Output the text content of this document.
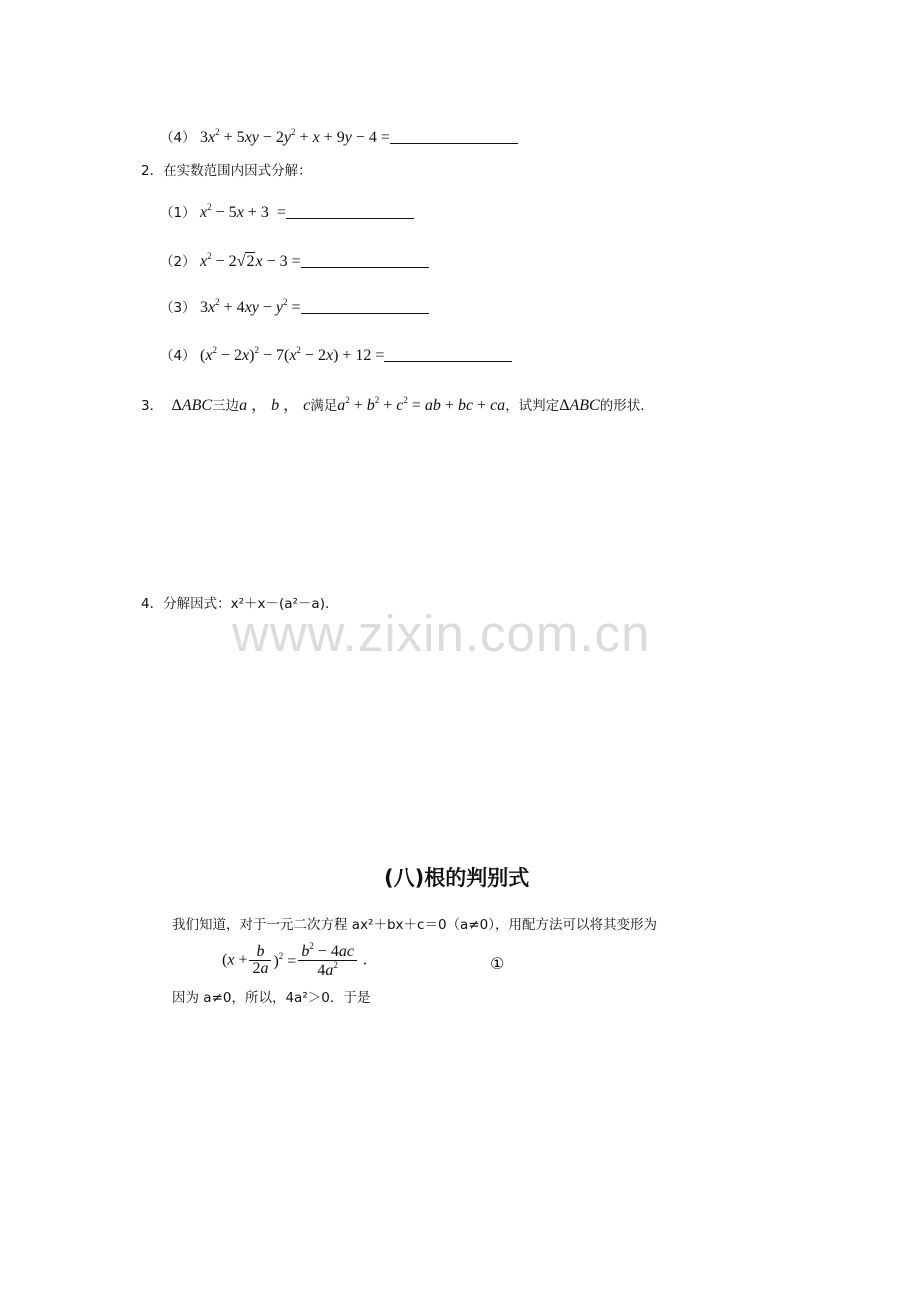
www.zixin.com.cn
（4） $3x^2 + 5xy - 2y^2 + x + 9y - 4$ =
2．在实数范围内因式分解：
（1） $x^2 - 5x + 3$  =
（2） $x^2 - 2√2x - 3$ =
（3） $3x^2 + 4xy - y^2$ =
（4） $(x^2 - 2x)^2 - 7(x^2 - 2x) + 12$ =
3．  ΔABC三边a ， b ， c满足$a^2 + b^2 + c^2$ = ab + bc + ca，试判定ΔABC的形状.
4．分解因式：x²＋x－(a²－a).
(八)根的判别式
我们知道，对于一元二次方程 ax²＋bx＋c＝0（a≠0），用配方法可以将其变形为
$(x + \frac{b}{2a} )^2 = \frac{b^2 - 4ac}{4a^2}$ .	①
因为 a≠0，所以，4a²＞0．于是
